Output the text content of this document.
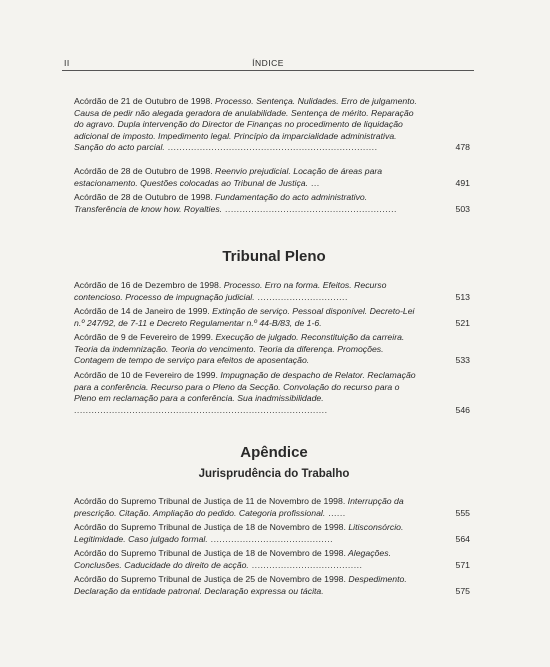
II	ÍNDICE
Acórdão de 21 de Outubro de 1998. Processo. Sentença. Nulidades. Erro de julgamento. Causa de pedir não alegada geradora de anulabilidade. Sentença de mérito. Reparação do agravo. Dupla intervenção do Director de Finanças no procedimento de liquidação adicional de imposto. Impedimento legal. Princípio da imparcialidade administrativa. Sanção do acto parcial. ........................................................................	478
Acórdão de 28 de Outubro de 1998. Reenvio prejudicial. Locação de áreas para estacionamento. Questões colocadas ao Tribunal de Justiça. ...	491
Acórdão de 28 de Outubro de 1998. Fundamentação do acto administrativo. Transferência de know how. Royalties. ...........................................................	503
Tribunal Pleno
Acórdão de 16 de Dezembro de 1998. Processo. Erro na forma. Efeitos. Recurso contencioso. Processo de impugnação judicial. ...............................	513
Acórdão de 14 de Janeiro de 1999. Extinção de serviço. Pessoal disponível. Decreto-Lei n.º 247/92, de 7-11 e Decreto Regulamentar n.º 44-B/83, de 1-6.	521
Acórdão de 9 de Fevereiro de 1999. Execução de julgado. Reconstituição da carreira. Teoria da indemnização. Teoria do vencimento. Teoria da diferença. Promoções. Contagem de tempo de serviço para efeitos de aposentação.	533
Acórdão de 10 de Fevereiro de 1999. Impugnação de despacho de Relator. Reclamação para a conferência. Recurso para o Pleno da Secção. Convolação do recurso para o Pleno em reclamação para a conferência. Sua inadmissibilidade. .......................................................................................	546
Apêndice
Jurisprudência do Trabalho
Acórdão do Supremo Tribunal de Justiça de 11 de Novembro de 1998. Interrupção da prescrição. Citação. Ampliação do pedido. Categoria profissional. ......	555
Acórdão do Supremo Tribunal de Justiça de 18 de Novembro de 1998. Litisconsórcio. Legitimidade. Caso julgado formal. ..........................................	564
Acórdão do Supremo Tribunal de Justiça de 18 de Novembro de 1998. Alegações. Conclusões. Caducidade do direito de acção. ......................................	571
Acórdão do Supremo Tribunal de Justiça de 25 de Novembro de 1998. Despedimento. Declaração da entidade patronal. Declaração expressa ou tácita.	575
